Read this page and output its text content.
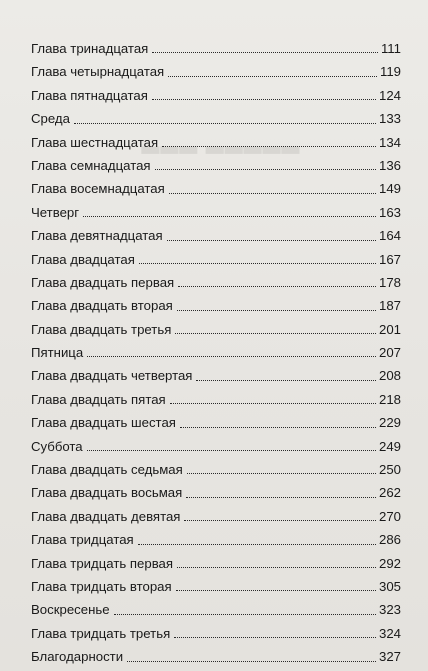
▂▂▂▂▂ ▂▂▂
Глава тринадцатая	111
Глава четырнадцатая	119
Глава пятнадцатая	124
Среда	133
Глава шестнадцатая	134
Глава семнадцатая	136
Глава восемнадцатая	149
Четверг	163
Глава девятнадцатая	164
Глава двадцатая	167
Глава двадцать первая	178
Глава двадцать вторая	187
Глава двадцать третья	201
Пятница	207
Глава двадцать четвертая	208
Глава двадцать пятая	218
Глава двадцать шестая	229
Суббота	249
Глава двадцать седьмая	250
Глава двадцать восьмая	262
Глава двадцать девятая	270
Глава тридцатая	286
Глава тридцать первая	292
Глава тридцать вторая	305
Воскресенье	323
Глава тридцать третья	324
Благодарности	327
